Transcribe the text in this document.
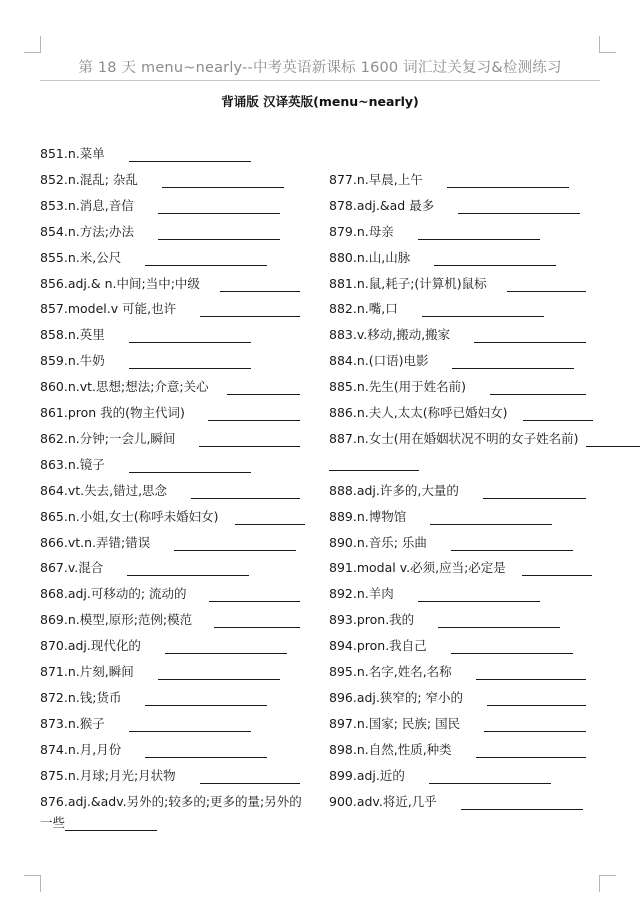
第 18 天 menu~nearly--中考英语新课标 1600 词汇过关复习&检测练习
背诵版 汉译英版(menu~nearly)
851.n.菜单
852.n.混乱; 杂乱
853.n.消息,音信
854.n.方法;办法
855.n.米,公尺
856.adj.& n.中间;当中;中级
857.model.v 可能,也许
858.n.英里
859.n.牛奶
860.n.vt.思想;想法;介意;关心
861.pron 我的(物主代词)
862.n.分钟;一会儿,瞬间
863.n.镜子
864.vt.失去,错过,思念
865.n.小姐,女士(称呼未婚妇女)
866.vt.n.弄错;错误
867.v.混合
868.adj.可移动的; 流动的
869.n.模型,原形;范例;模范
870.adj.现代化的
871.n.片刻,瞬间
872.n.钱;货币
873.n.猴子
874.n.月,月份
875.n.月球;月光;月状物
876.adj.&adv.另外的;较多的;更多的量;另外的
877.n.早晨,上午
878.adj.&ad 最多
879.n.母亲
880.n.山,山脉
881.n.鼠,耗子;(计算机)鼠标
882.n.嘴,口
883.v.移动,搬动,搬家
884.n.(口语)电影
885.n.先生(用于姓名前)
886.n.夫人,太太(称呼已婚妇女)
887.n.女士(用在婚姻状况不明的女子姓名前)
888.adj.许多的,大量的
889.n.博物馆
890.n.音乐; 乐曲
891.modal v.必须,应当;必定是
892.n.羊肉
893.pron.我的
894.pron.我自己
895.n.名字,姓名,名称
896.adj.狭窄的; 窄小的
897.n.国家; 民族; 国民
898.n.自然,性质,种类
899.adj.近的
900.adv.将近,几乎
一些
